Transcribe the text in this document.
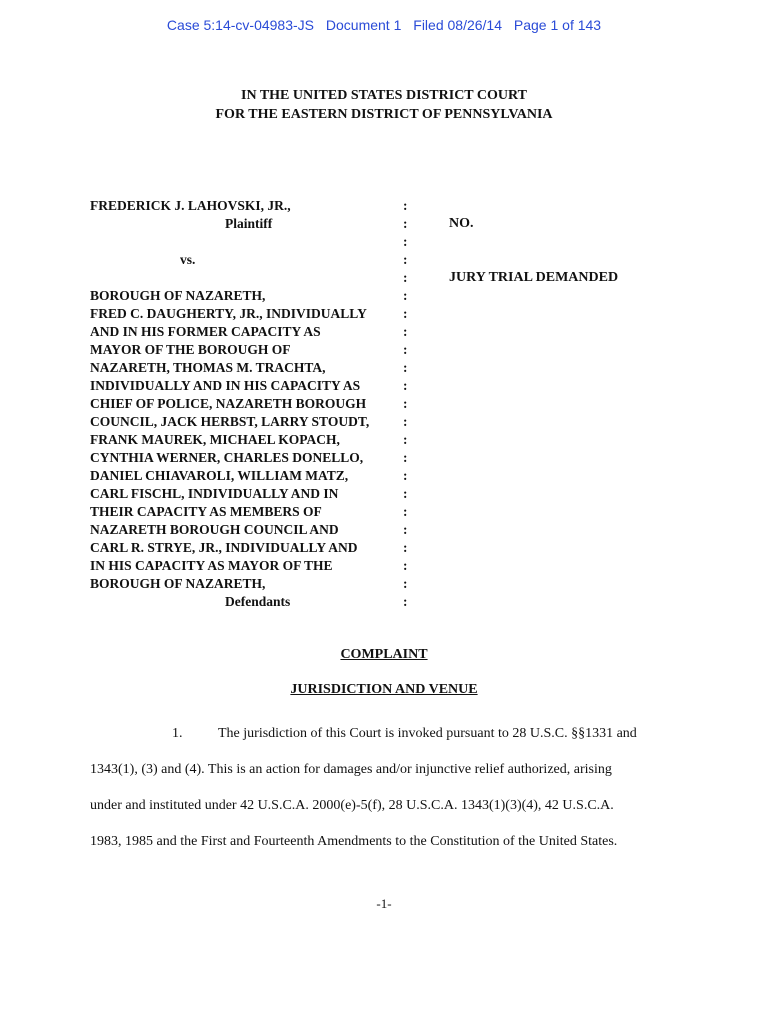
Case 5:14-cv-04983-JS Document 1 Filed 08/26/14 Page 1 of 143
IN THE UNITED STATES DISTRICT COURT
FOR THE EASTERN DISTRICT OF PENNSYLVANIA
FREDERICK J. LAHOVSKI, JR.,	:
Plaintiff	:	NO.
:
vs.	:
:	JURY TRIAL DEMANDED
BOROUGH OF NAZARETH,	:
FRED C. DAUGHERTY, JR., INDIVIDUALLY	:
AND IN HIS FORMER CAPACITY AS	:
MAYOR OF THE BOROUGH OF	:
NAZARETH, THOMAS M. TRACHTA,	:
INDIVIDUALLY AND IN HIS CAPACITY AS	:
CHIEF OF POLICE, NAZARETH BOROUGH	:
COUNCIL, JACK HERBST, LARRY STOUDT,	:
FRANK MAUREK, MICHAEL KOPACH,	:
CYNTHIA WERNER, CHARLES DONELLO,	:
DANIEL CHIAVAROLI, WILLIAM MATZ,	:
CARL FISCHL, INDIVIDUALLY AND IN	:
THEIR CAPACITY AS MEMBERS OF	:
NAZARETH BOROUGH COUNCIL AND	:
CARL R. STRYE, JR., INDIVIDUALLY AND	:
IN HIS CAPACITY AS MAYOR OF THE	:
BOROUGH OF NAZARETH,	:
Defendants	:
COMPLAINT
JURISDICTION AND VENUE
1.	The jurisdiction of this Court is invoked pursuant to 28 U.S.C. §§1331 and
1343(1), (3) and (4). This is an action for damages and/or injunctive relief authorized, arising
under and instituted under 42 U.S.C.A. 2000(e)-5(f), 28 U.S.C.A. 1343(1)(3)(4), 42 U.S.C.A.
1983, 1985 and the First and Fourteenth Amendments to the Constitution of the United States.
-1-
